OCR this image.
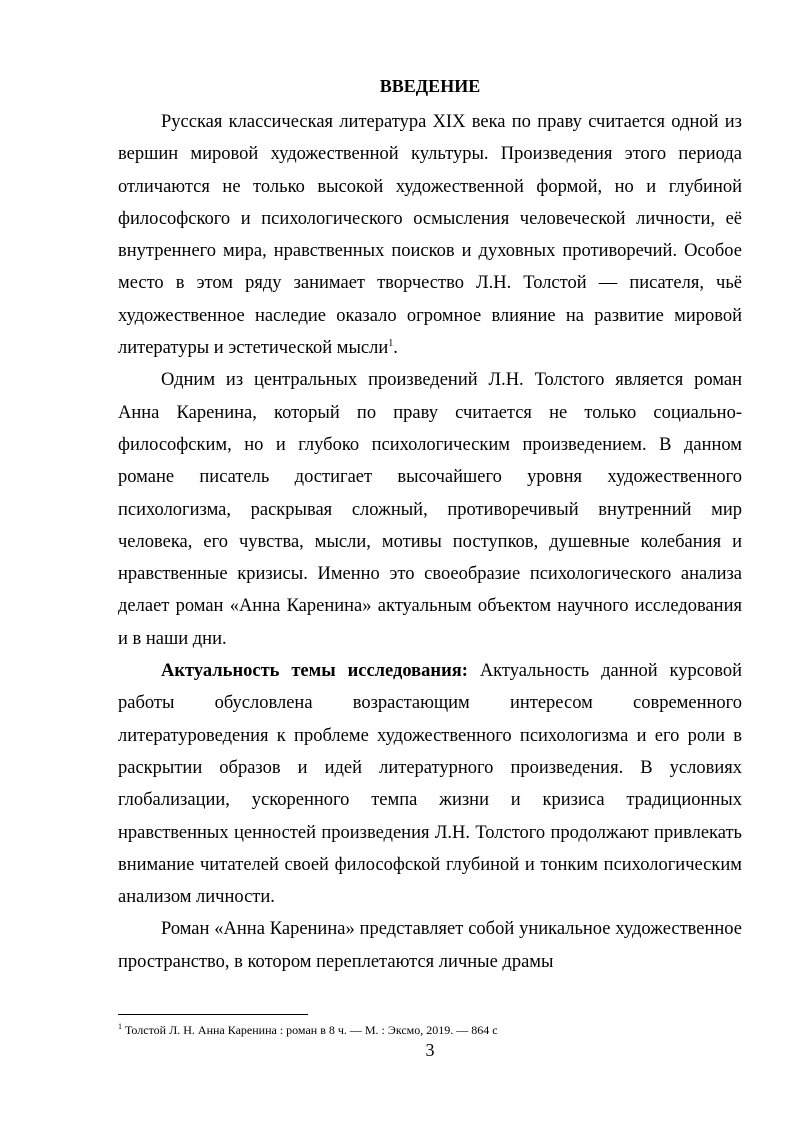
ВВЕДЕНИЕ

Русская классическая литература XIX века по праву считается одной из вершин мировой художественной культуры. Произведения этого периода отличаются не только высокой художественной формой, но и глубиной философского и психологического осмысления человеческой личности, её внутреннего мира, нравственных поисков и духовных противоречий. Особое место в этом ряду занимает творчество Л.Н. Толстой — писателя, чьё художественное наследие оказало огромное влияние на развитие мировой литературы и эстетической мысли$^1$.

Одним из центральных произведений Л.Н. Толстого является роман Анна Каренина, который по праву считается не только социально-философским, но и глубоко психологическим произведением. В данном романе писатель достигает высочайшего уровня художественного психологизма, раскрывая сложный, противоречивый внутренний мир человека, его чувства, мысли, мотивы поступков, душевные колебания и нравственные кризисы. Именно это своеобразие психологического анализа делает роман «Анна Каренина» актуальным объектом научного исследования и в наши дни.

Актуальность темы исследования: Актуальность данной курсовой работы обусловлена возрастающим интересом современного литературоведения к проблеме художественного психологизма и его роли в раскрытии образов и идей литературного произведения. В условиях глобализации, ускоренного темпа жизни и кризиса традиционных нравственных ценностей произведения Л.Н. Толстого продолжают привлекать внимание читателей своей философской глубиной и тонким психологическим анализом личности.

Роман «Анна Каренина» представляет собой уникальное художественное пространство, в котором переплетаются личные драмы

$^1$ Толстой Л. Н. Анна Каренина : роман в 8 ч. — М. : Эксмо, 2019. — 864 с
3
